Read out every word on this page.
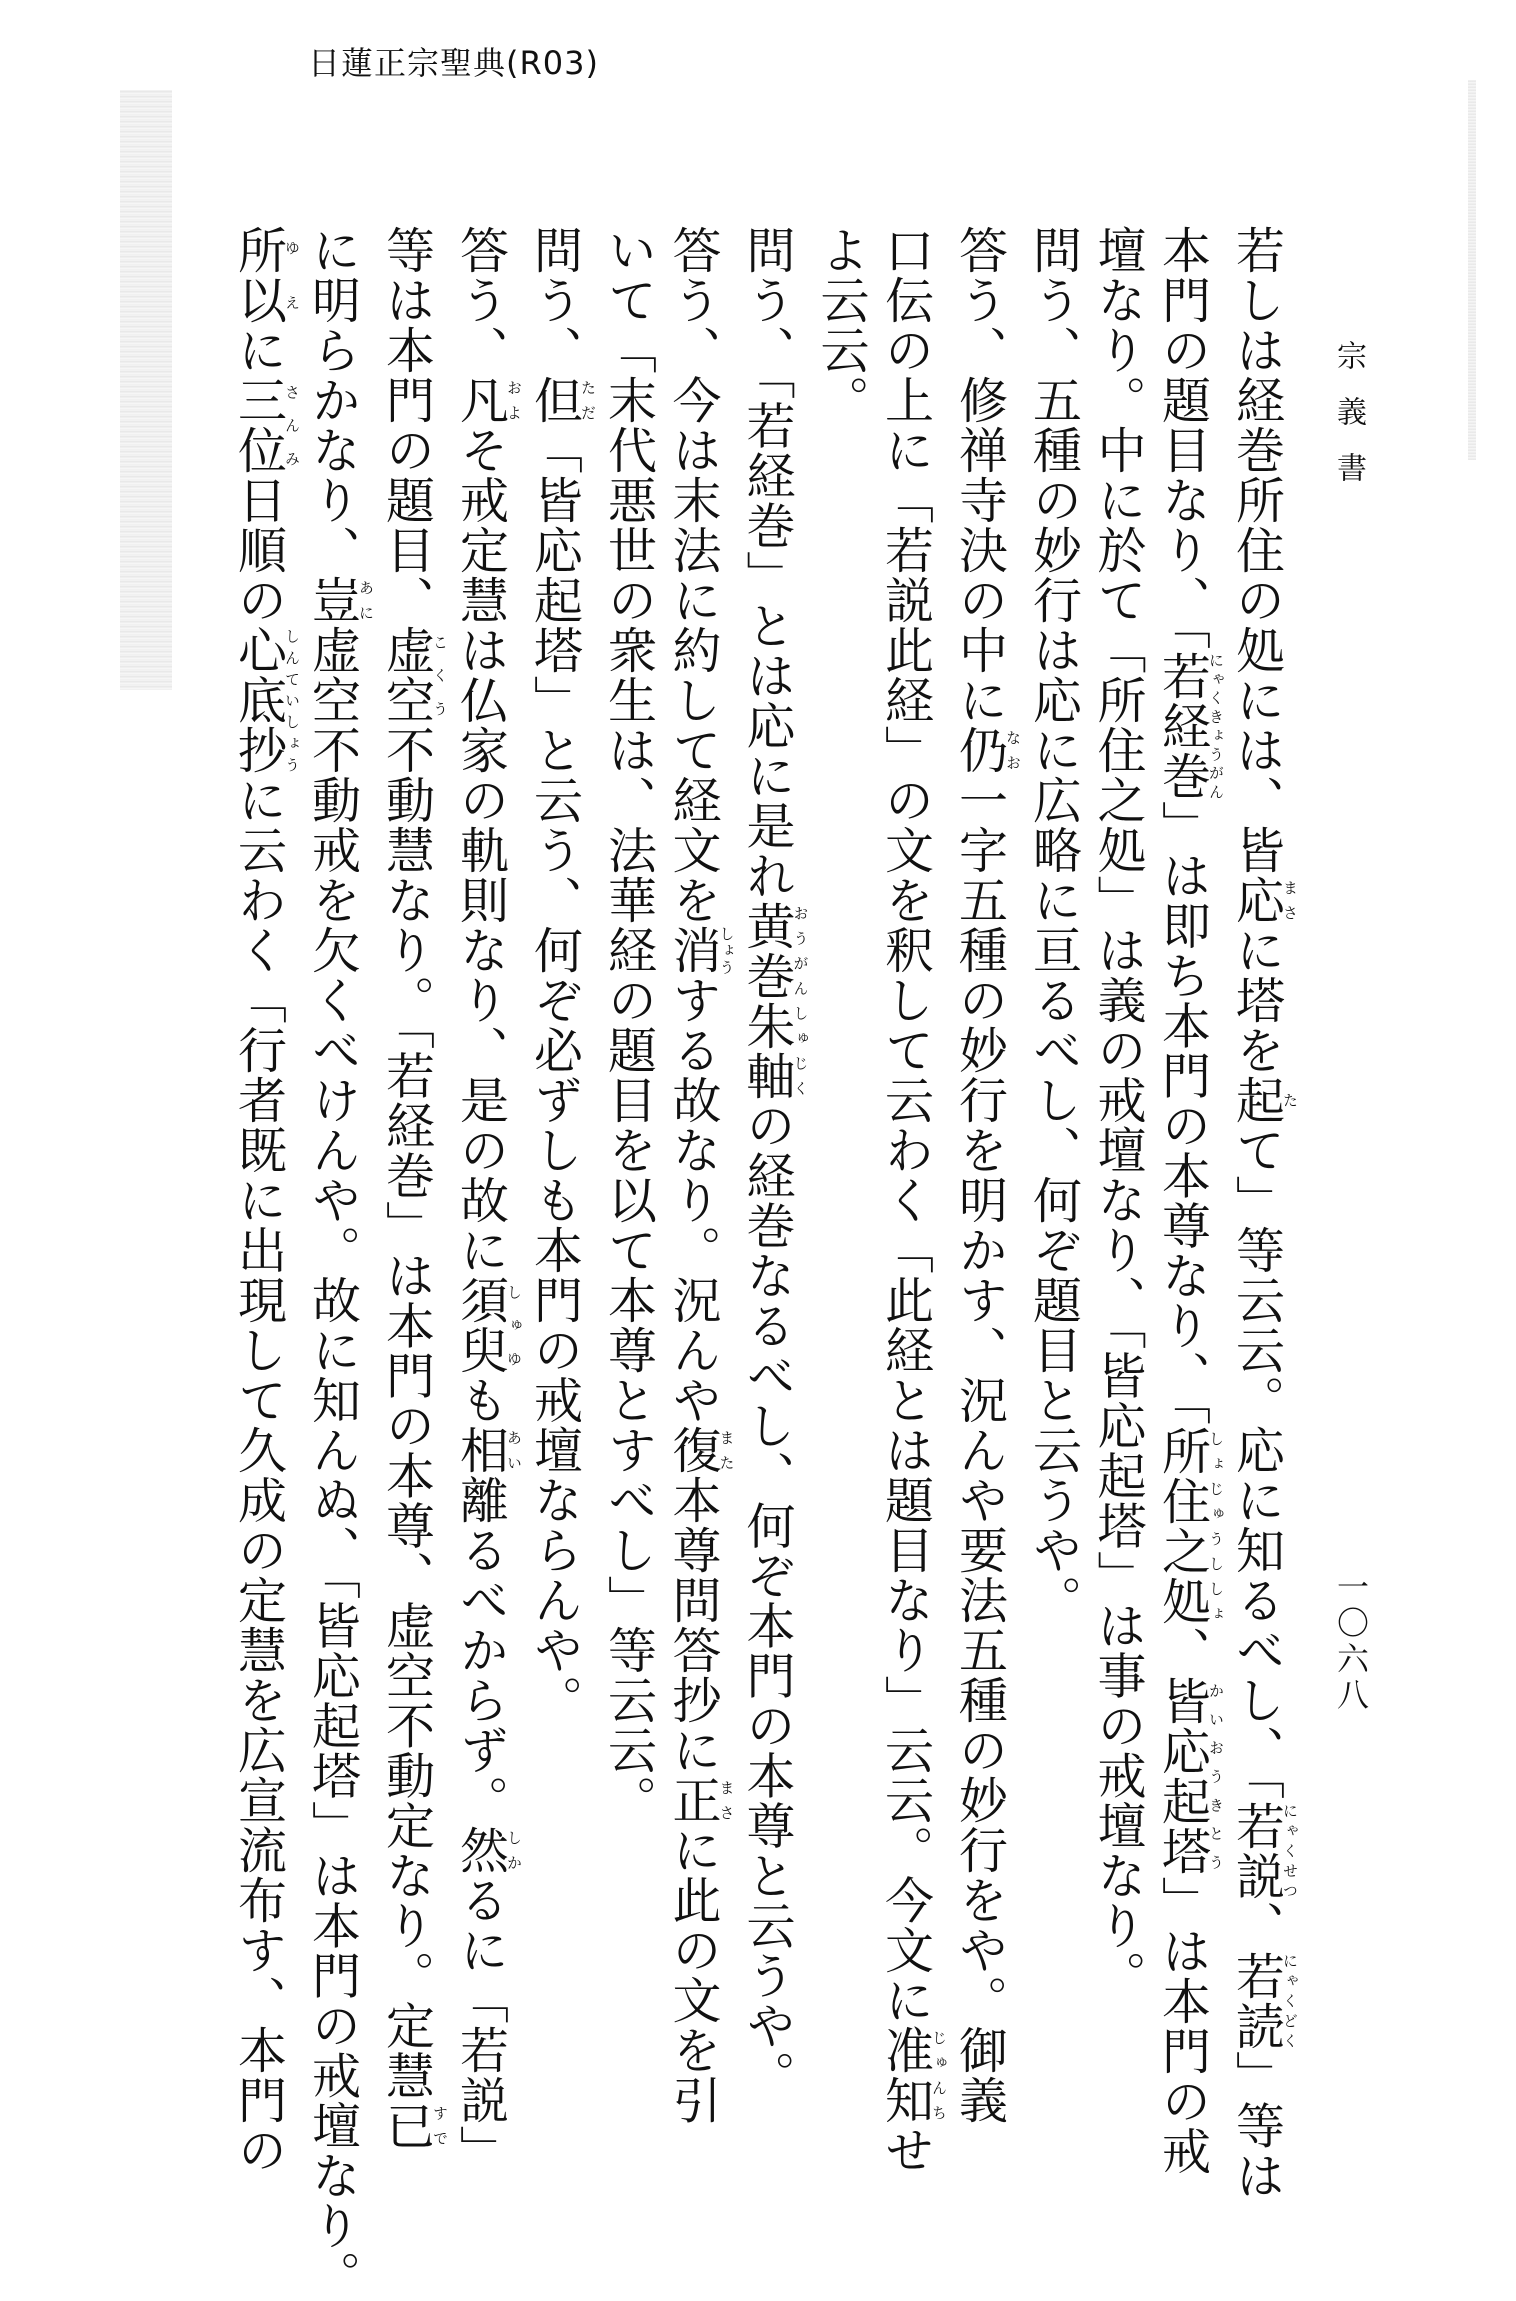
日蓮正宗聖典(R03)
宗義書
一〇六八

若しは経巻所住の処には、皆応まさに塔を起たて」等云云。応に知るべし、「若説にゃくせつ、若読にゃくどく」等は

本門の題目なり、「若経巻にゃくきょうがん」は即ち本門の本尊なり、「所住之処しょじゅうししょ、皆応起塔かいおうきとう」は本門の戒

壇なり。中に於て「所住之処」は義の戒壇なり、「皆応起塔」は事の戒壇なり。

問う、五種の妙行は応に広略に亘るべし、何ぞ題目と云うや。

答う、修禅寺決の中に仍なお一字五種の妙行を明かす、況んや要法五種の妙行をや。御義

口伝の上に「若説此経」の文を釈して云わく「此経とは題目なり」云云。今文に准知じゅんちせ

よ云云。

問う、「若経巻」とは応に是れ黄巻朱軸おうがんしゅじくの経巻なるべし、何ぞ本門の本尊と云うや。

答う、今は末法に約して経文を消しょうする故なり。況んや復また本尊問答抄に正まさに此の文を引

いて「末代悪世の衆生は、法華経の題目を以て本尊とすべし」等云云。

問う、但ただ「皆応起塔」と云う、何ぞ必ずしも本門の戒壇ならんや。

答う、凡およそ戒定慧は仏家の軌則なり、是の故に須臾しゅゆも相あい離るべからず。然しかるに「若説」

等は本門の題目、虚空こくう不動慧なり。「若経巻」は本門の本尊、虚空不動定なり。定慧已すで

に明らかなり、豈あに虚空不動戒を欠くべけんや。故に知んぬ、「皆応起塔」は本門の戒壇なり。

所以ゆえに三位さんみ日順の心底抄しんていしょうに云わく「行者既に出現して久成の定慧を広宣流布す、本門の
